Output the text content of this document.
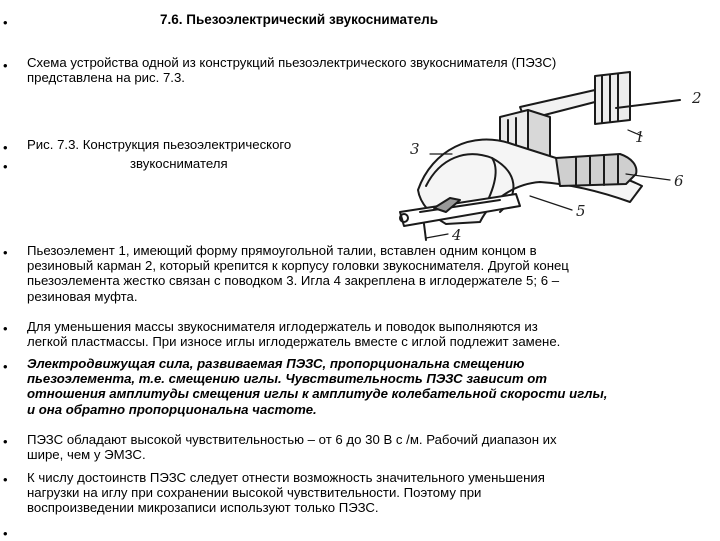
•
•
•
•
•
•
•
•
•
•
7.6. Пьезоэлектрический звукосниматель

Схема устройства одной из конструкций пьезоэлектрического звукоснимателя (ПЭЗС)
представлена на рис. 7.3.

Рис. 7.3. Конструкция пьезоэлектрического

звукоснимателя

Пьезоэлемент 1, имеющий форму прямоугольной талии, вставлен одним концом в
резиновый карман 2, который крепится к корпусу головки звукоснимателя. Другой конец
пьезоэлемента жестко связан с поводком 3. Игла 4 закреплена в иглодержателе 5; 6 –
резиновая муфта.

Для уменьшения массы звукоснимателя иглодержатель и поводок выполняются из
легкой пластмассы. При износе иглы иглодержатель вместе с иглой подлежит замене.

Электродвижущая сила, развиваемая ПЭЗС, пропорциональна смещению
пьезоэлемента, т.е. смещению иглы. Чувствительность ПЭЗС зависит от
отношения амплитуды смещения иглы к амплитуде колебательной скорости иглы,
и она обратно пропорциональна частоте.

ПЭЗС обладают высокой чувствительностью – от 6 до 30 В с /м. Рабочий диапазон их
шире, чем у ЭМЗС.

К числу достоинств ПЭЗС следует отнести возможность значительного уменьшения
нагрузки на иглу при сохранении высокой чувствительности. Поэтому при
воспроизведении микрозаписи используют только ПЭЗС.

2
1
3
6
5
4
